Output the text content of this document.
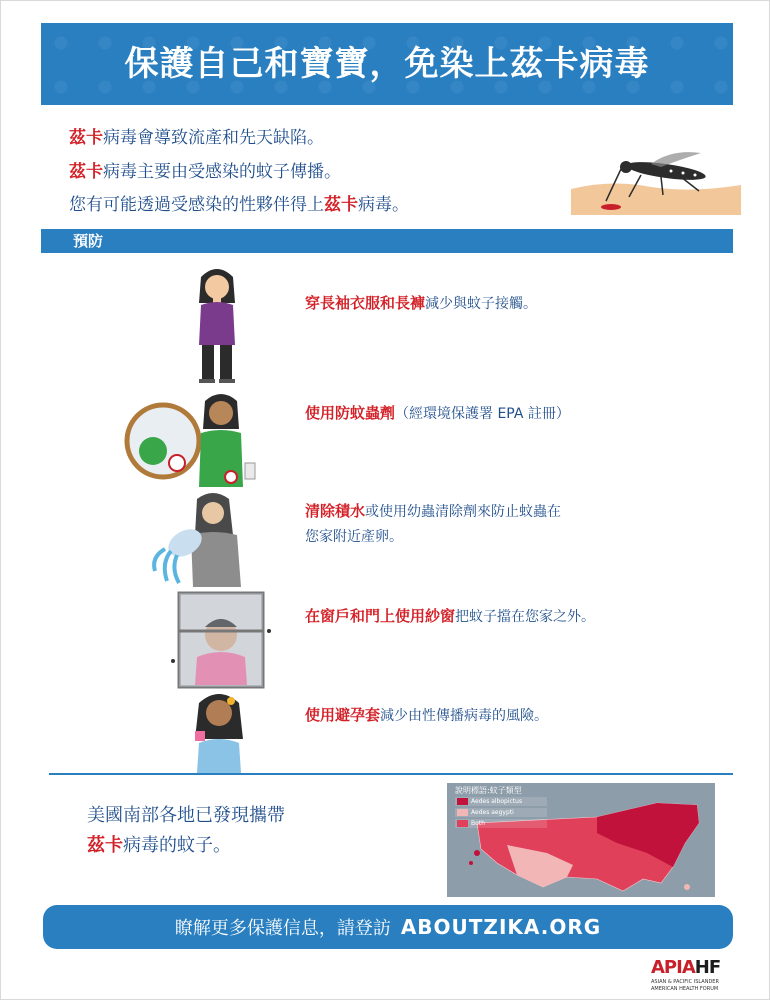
保護自己和寶寶，免染上茲卡病毒
茲卡病毒會導致流產和先天缺陷。
茲卡病毒主要由受感染的蚊子傳播。
您有可能透過受感染的性夥伴得上茲卡病毒。
預防
穿長袖衣服和長褲減少與蚊子接觸。
使用防蚊蟲劑（經環境保護署 EPA 註冊）
清除積水或使用幼蟲清除劑來防止蚊蟲在您家附近產卵。
在窗戶和門上使用紗窗把蚊子擋在您家之外。
使用避孕套減少由性傳播病毒的風險。
美國南部各地已發現攜帶
茲卡病毒的蚊子。
說明標語:蚊子類型
Aedes albopictus
Aedes aegypti
Both
瞭解更多保護信息，請登訪 ABOUTZIKA.ORG
APIAHF
ASIAN & PACIFIC ISLANDER
AMERICAN HEALTH FORUM
